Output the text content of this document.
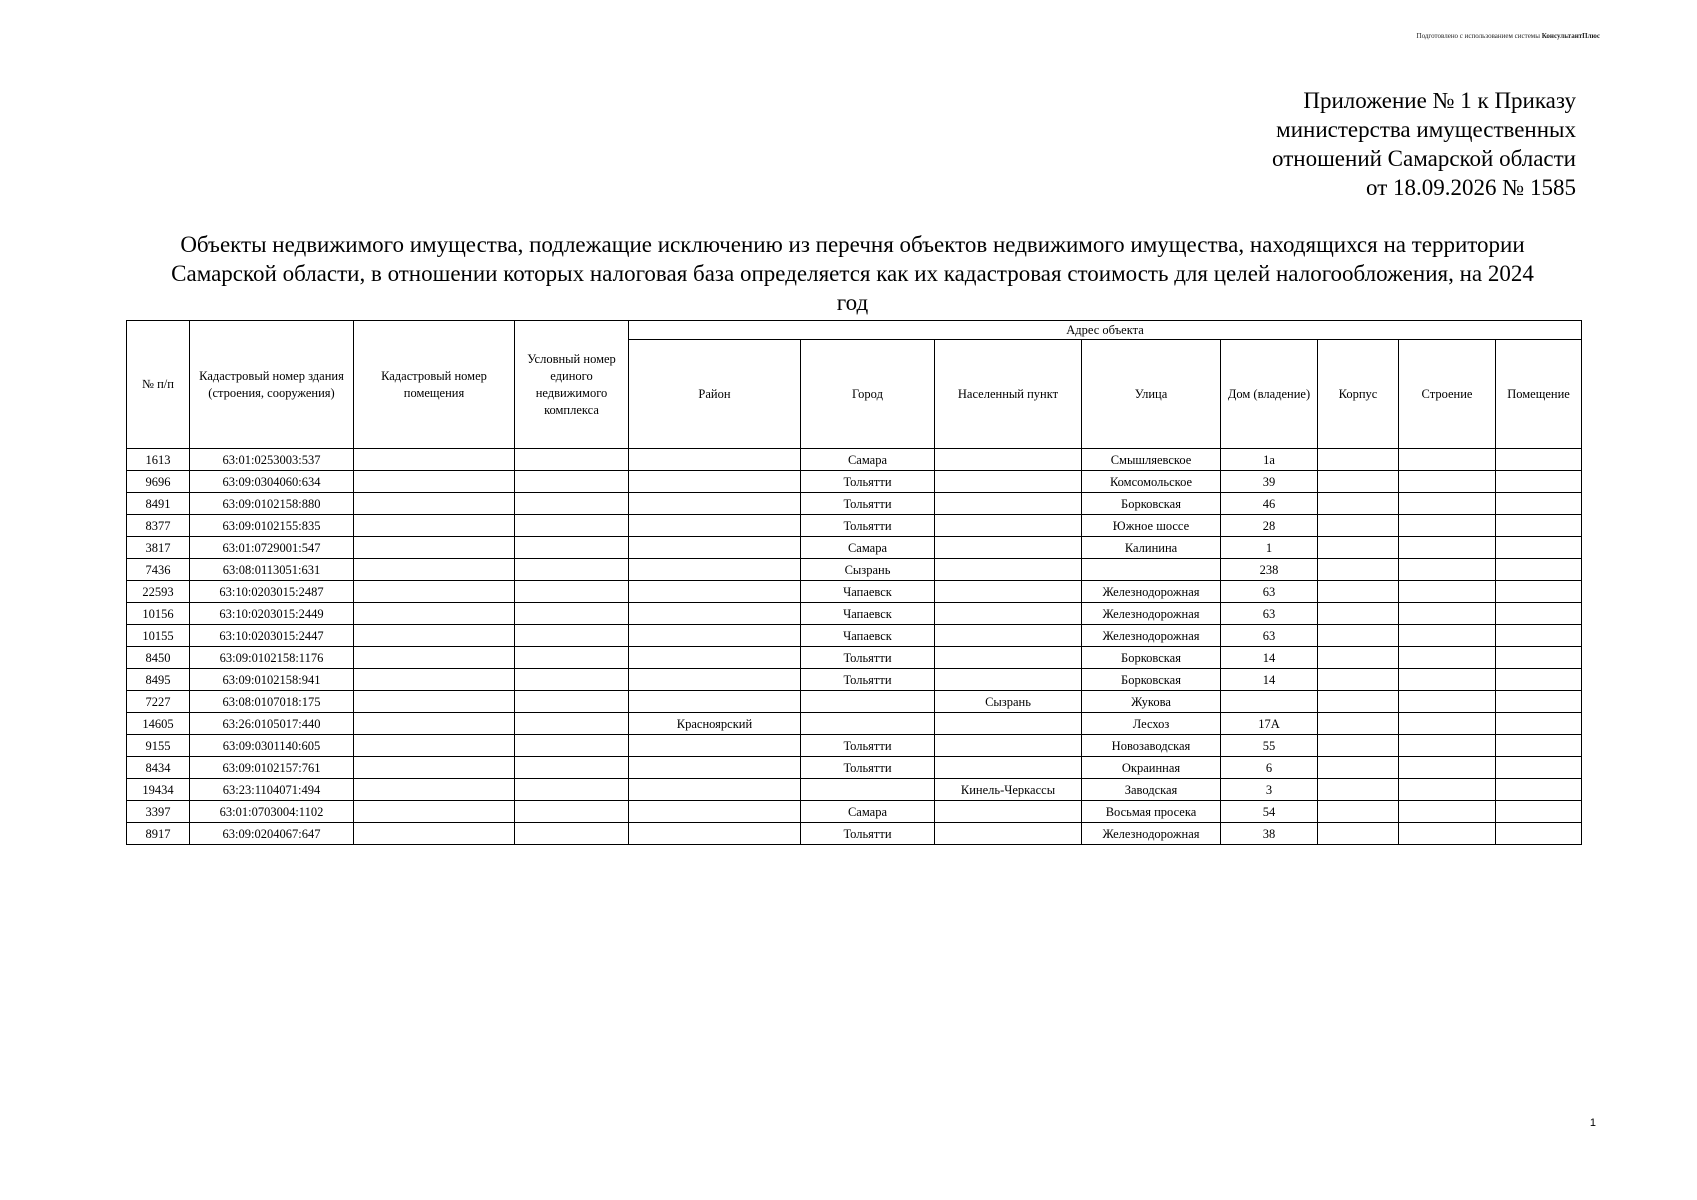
Подготовлено с использованием системы КонсультантПлюс
Приложение № 1 к Приказу
министерства имущественных
отношений Самарской области
от 18.09.2026 № 1585
Объекты недвижимого имущества, подлежащие исключению из перечня объектов недвижимого имущества, находящихся на территории Самарской области, в отношении которых налоговая база определяется как их кадастровая стоимость для целей налогообложения, на 2024 год
№ п/п	Кадастровый номер здания (строения, сооружения)	Кадастровый номер помещения	Условный номер единого недвижимого комплекса	Адрес объекта							
				Район	Город	Населенный пункт	Улица	Дом (владение)	Корпус	Строение	Помещение
1613	63:01:0253003:537				Самара		Смышляевское	1а			
9696	63:09:0304060:634				Тольятти		Комсомольское	39			
8491	63:09:0102158:880				Тольятти		Борковская	46			
8377	63:09:0102155:835				Тольятти		Южное шоссе	28			
3817	63:01:0729001:547				Самара		Калинина	1			
7436	63:08:0113051:631				Сызрань			238			
22593	63:10:0203015:2487				Чапаевск		Железнодорожная	63			
10156	63:10:0203015:2449				Чапаевск		Железнодорожная	63			
10155	63:10:0203015:2447				Чапаевск		Железнодорожная	63			
8450	63:09:0102158:1176				Тольятти		Борковская	14			
8495	63:09:0102158:941				Тольятти		Борковская	14			
7227	63:08:0107018:175					Сызрань	Жукова				
14605	63:26:0105017:440			Красноярский			Лесхоз	17А			
9155	63:09:0301140:605				Тольятти		Новозаводская	55			
8434	63:09:0102157:761				Тольятти		Окраинная	6			
19434	63:23:1104071:494					Кинель-Черкассы	Заводская	3			
3397	63:01:0703004:1102				Самара		Восьмая просека	54			
8917	63:09:0204067:647				Тольятти		Железнодорожная	38			
1
